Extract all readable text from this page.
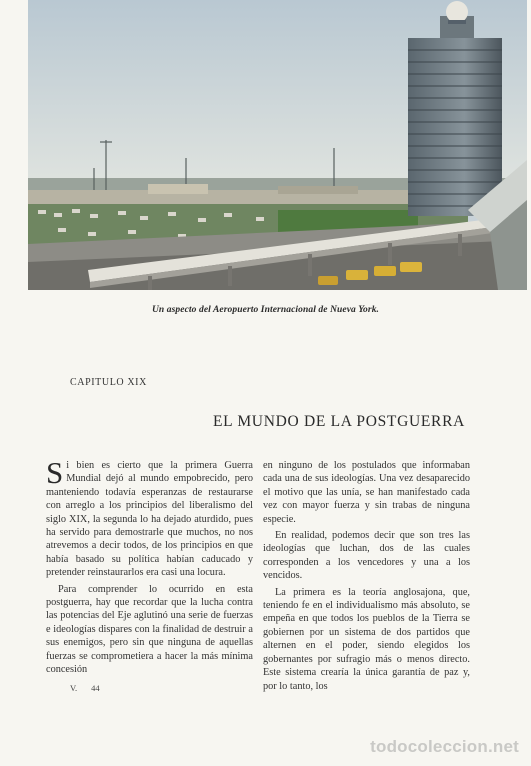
Un aspecto del Aeropuerto Internacional de Nueva York.
CAPITULO XIX
EL MUNDO DE LA POSTGUERRA

Si bien es cierto que la primera Guerra Mundial dejó al mundo empobrecido, pero manteniendo todavía esperanzas de restaurarse con arreglo a los principios del liberalismo del siglo XIX, la segunda lo ha dejado aturdido, pues ha servido para demostrarle que muchos, no nos atrevemos a decir todos, de los principios en que había basado su política habían caducado y pretender reinstaurarlos era casi una locura.

Para comprender lo ocurrido en esta postguerra, hay que recordar que la lucha contra las potencias del Eje aglutinó una serie de fuerzas e ideologías dispares con la finalidad de destruir a sus enemigos, pero sin que ninguna de aquellas fuerzas se comprometiera a hacer la más mínima concesión

en ninguno de los postulados que informaban cada una de sus ideologías. Una vez desaparecido el motivo que las unía, se han manifestado cada vez con mayor fuerza y sin trabas de ninguna especie.

En realidad, podemos decir que son tres las ideologías que luchan, dos de las cuales corresponden a los vencedores y una a los vencidos.

La primera es la teoría anglosajona, que, teniendo fe en el individualismo más absoluto, se empeña en que todos los pueblos de la Tierra se gobiernen por un sistema de dos partidos que alternen en el poder, siendo elegidos los gobernantes por sufragio más o menos directo. Este sistema crearía la única garantía de paz y, por lo tanto, los

V. 44
todocoleccion.net
